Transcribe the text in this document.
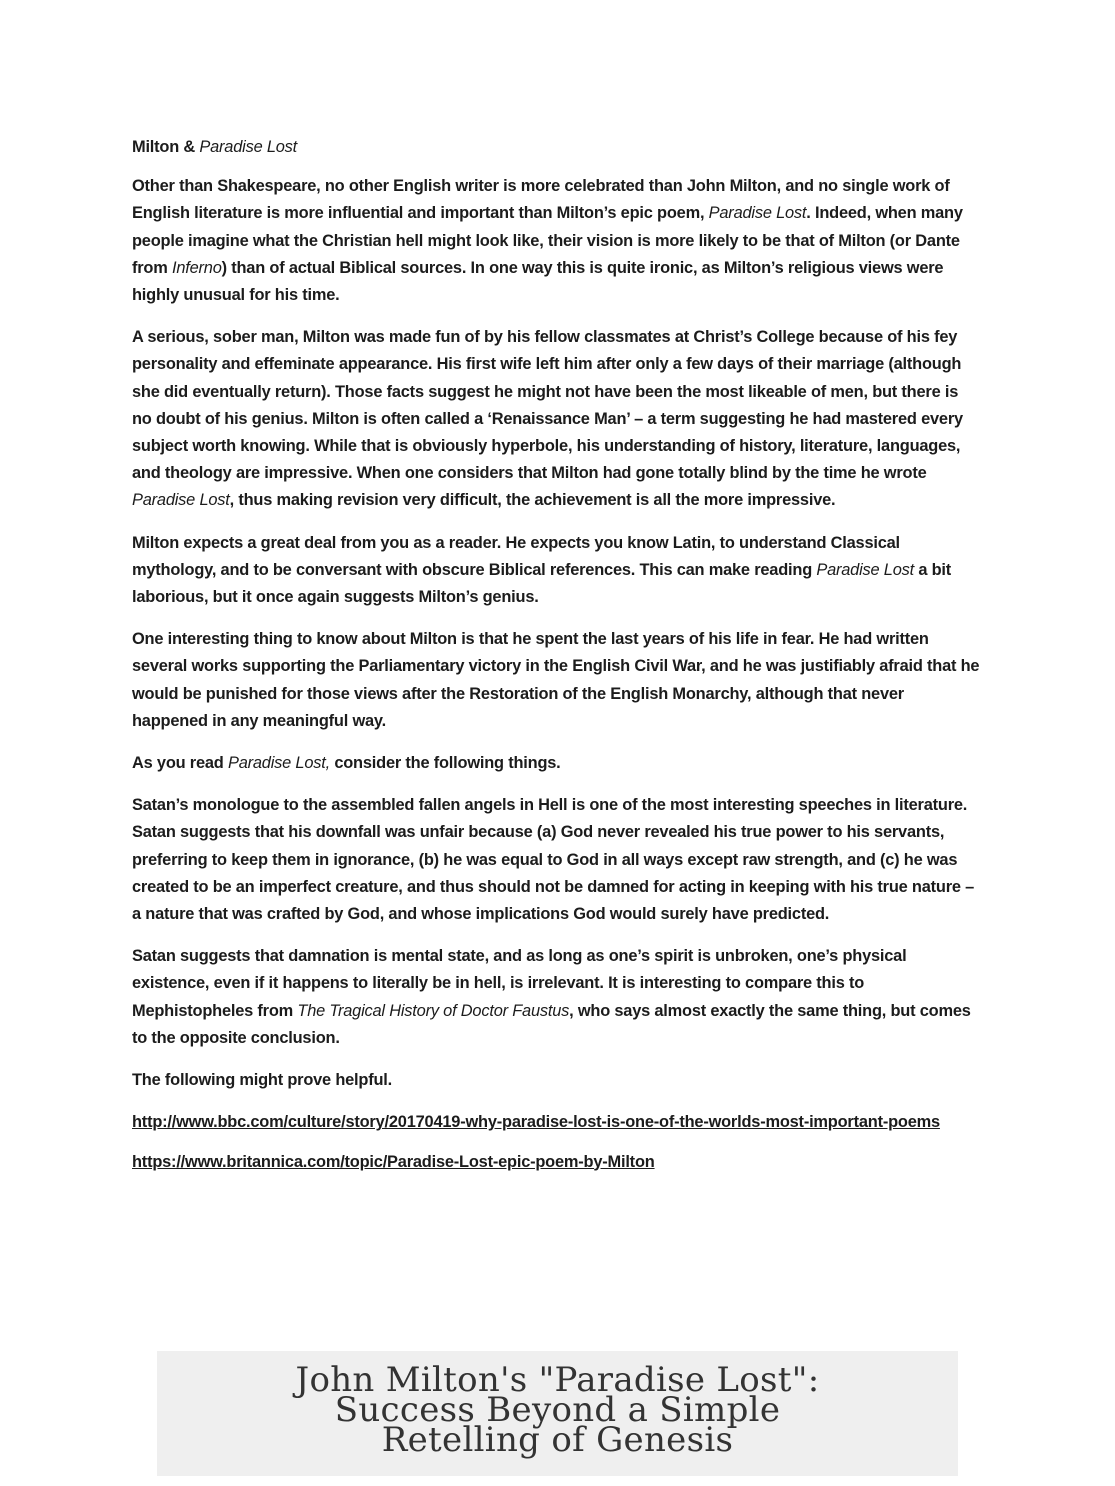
Milton & Paradise Lost

Other than Shakespeare, no other English writer is more celebrated than John Milton, and no single work of English literature is more influential and important than Milton’s epic poem, Paradise Lost. Indeed, when many people imagine what the Christian hell might look like, their vision is more likely to be that of Milton (or Dante from Inferno) than of actual Biblical sources. In one way this is quite ironic, as Milton’s religious views were highly unusual for his time.

A serious, sober man, Milton was made fun of by his fellow classmates at Christ’s College because of his fey personality and effeminate appearance. His first wife left him after only a few days of their marriage (although she did eventually return). Those facts suggest he might not have been the most likeable of men, but there is no doubt of his genius. Milton is often called a ‘Renaissance Man’ – a term suggesting he had mastered every subject worth knowing. While that is obviously hyperbole, his understanding of history, literature, languages, and theology are impressive. When one considers that Milton had gone totally blind by the time he wrote Paradise Lost, thus making revision very difficult, the achievement is all the more impressive.

Milton expects a great deal from you as a reader. He expects you know Latin, to understand Classical mythology, and to be conversant with obscure Biblical references. This can make reading Paradise Lost a bit laborious, but it once again suggests Milton’s genius.

One interesting thing to know about Milton is that he spent the last years of his life in fear. He had written several works supporting the Parliamentary victory in the English Civil War, and he was justifiably afraid that he would be punished for those views after the Restoration of the English Monarchy, although that never happened in any meaningful way.

As you read Paradise Lost, consider the following things.

Satan’s monologue to the assembled fallen angels in Hell is one of the most interesting speeches in literature. Satan suggests that his downfall was unfair because (a) God never revealed his true power to his servants, preferring to keep them in ignorance, (b) he was equal to God in all ways except raw strength, and (c) he was created to be an imperfect creature, and thus should not be damned for acting in keeping with his true nature – a nature that was crafted by God, and whose implications God would surely have predicted.

Satan suggests that damnation is mental state, and as long as one’s spirit is unbroken, one’s physical existence, even if it happens to literally be in hell, is irrelevant. It is interesting to compare this to Mephistopheles from The Tragical History of Doctor Faustus, who says almost exactly the same thing, but comes to the opposite conclusion.

The following might prove helpful.

http://www.bbc.com/culture/story/20170419-why-paradise-lost-is-one-of-the-worlds-most-important-poems

https://www.britannica.com/topic/Paradise-Lost-epic-poem-by-Milton

John Milton's "Paradise Lost":
Success Beyond a Simple
Retelling of Genesis
